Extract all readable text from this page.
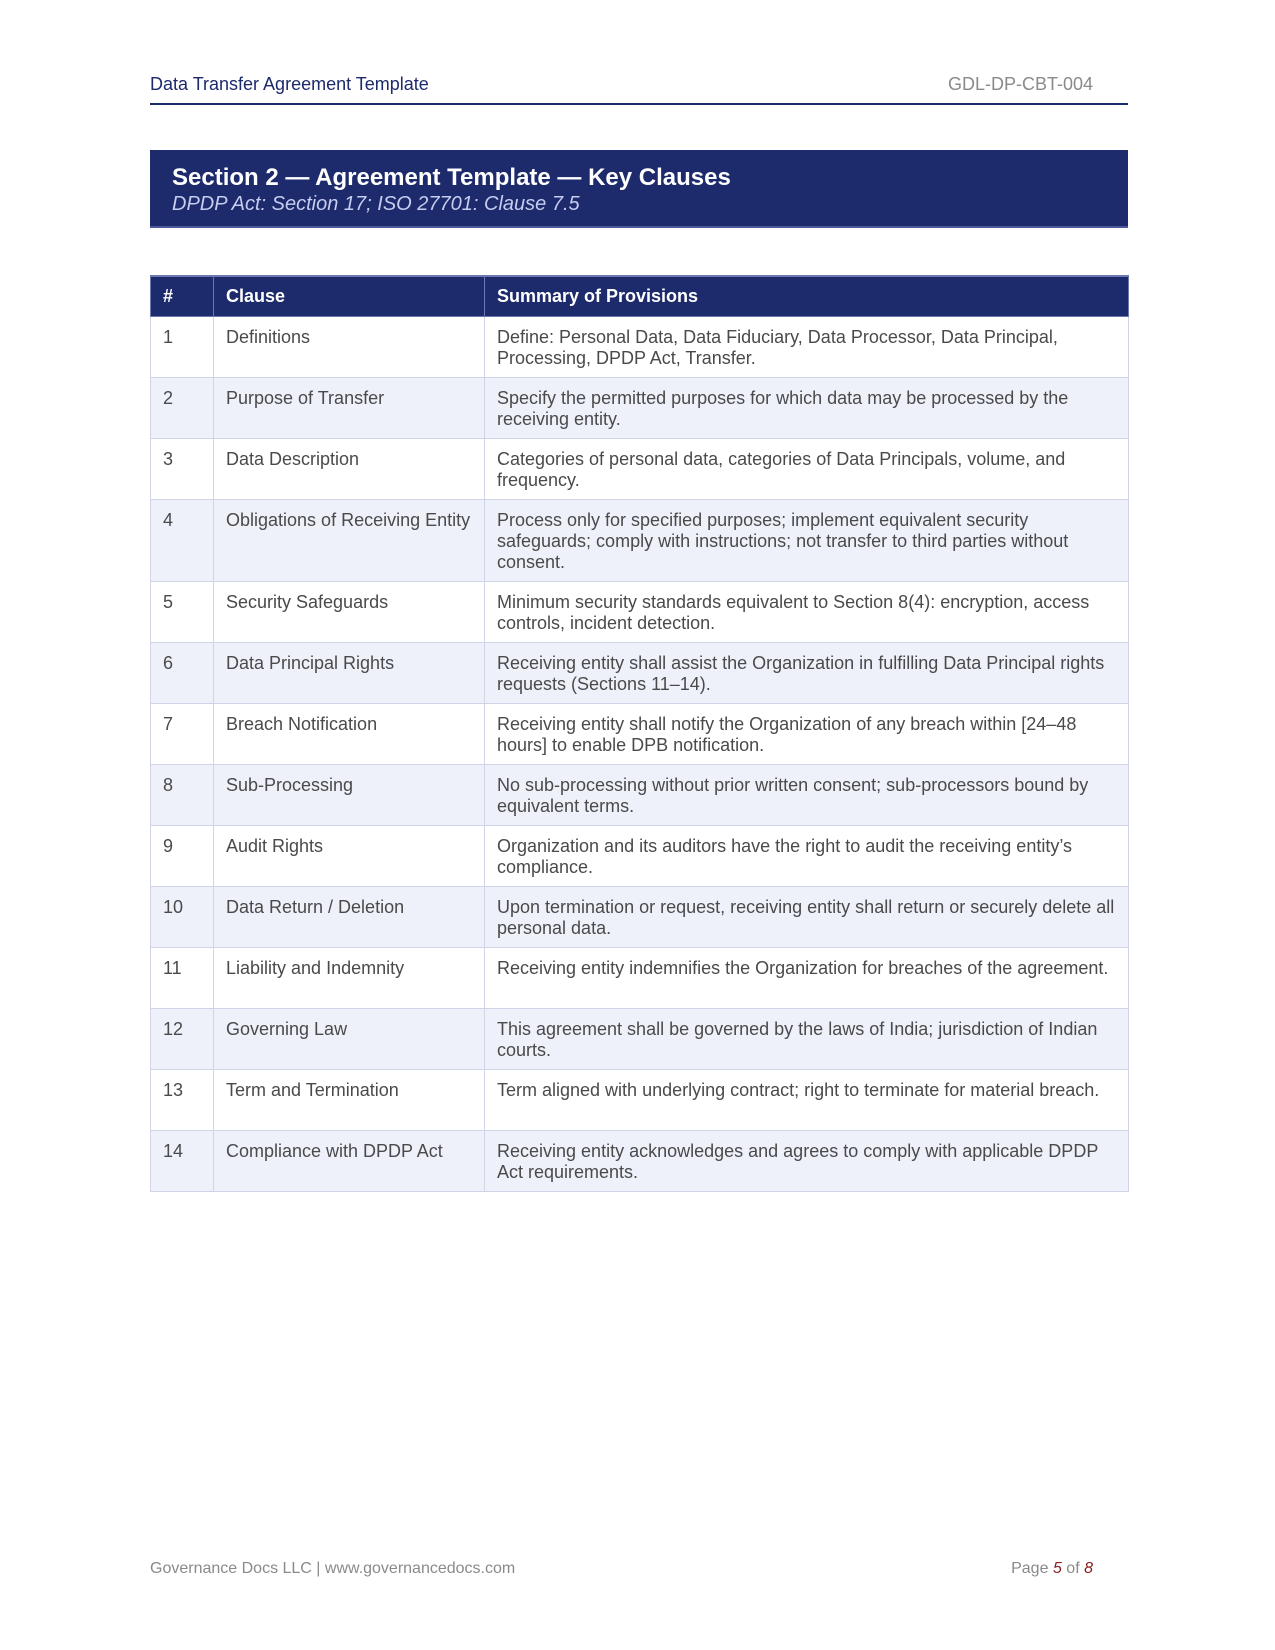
Data Transfer Agreement Template	GDL-DP-CBT-004
Section 2 — Agreement Template — Key Clauses
DPDP Act: Section 17; ISO 27701: Clause 7.5
#	Clause	Summary of Provisions
1	Definitions	Define: Personal Data, Data Fiduciary, Data Processor, Data Principal, Processing, DPDP Act, Transfer.
2	Purpose of Transfer	Specify the permitted purposes for which data may be processed by the receiving entity.
3	Data Description	Categories of personal data, categories of Data Principals, volume, and frequency.
4	Obligations of Receiving Entity	Process only for specified purposes; implement equivalent security safeguards; comply with instructions; not transfer to third parties without consent.
5	Security Safeguards	Minimum security standards equivalent to Section 8(4): encryption, access controls, incident detection.
6	Data Principal Rights	Receiving entity shall assist the Organization in fulfilling Data Principal rights requests (Sections 11–14).
7	Breach Notification	Receiving entity shall notify the Organization of any breach within [24–48 hours] to enable DPB notification.
8	Sub-Processing	No sub-processing without prior written consent; sub-processors bound by equivalent terms.
9	Audit Rights	Organization and its auditors have the right to audit the receiving entity’s compliance.
10	Data Return / Deletion	Upon termination or request, receiving entity shall return or securely delete all personal data.
11	Liability and Indemnity	Receiving entity indemnifies the Organization for breaches of the agreement.
12	Governing Law	This agreement shall be governed by the laws of India; jurisdiction of Indian courts.
13	Term and Termination	Term aligned with underlying contract; right to terminate for material breach.
14	Compliance with DPDP Act	Receiving entity acknowledges and agrees to comply with applicable DPDP Act requirements.
Governance Docs LLC | www.governancedocs.com	Page 5 of 8
